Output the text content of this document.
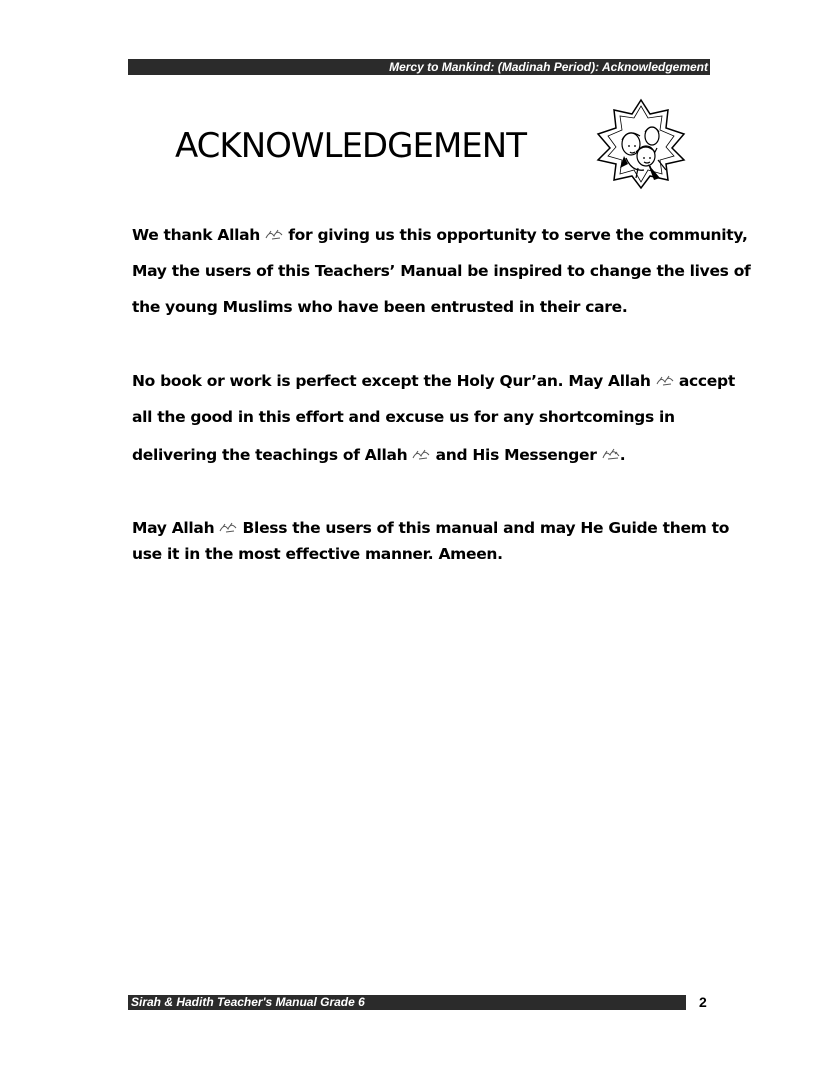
Mercy to Mankind: (Madinah Period): Acknowledgement
ACKNOWLEDGEMENT
We thank Allah for giving us this opportunity to serve the community,
May the users of this Teachers’ Manual be inspired to change the lives of
the young Muslims who have been entrusted in their care.
No book or work is perfect except the Holy Qur’an. May Allah accept
all the good in this effort and excuse us for any shortcomings in
delivering the teachings of Allah and His Messenger .
May Allah Bless the users of this manual and may He Guide them to
use it in the most effective manner. Ameen.
Sirah & Hadith Teacher's Manual Grade 6	2
